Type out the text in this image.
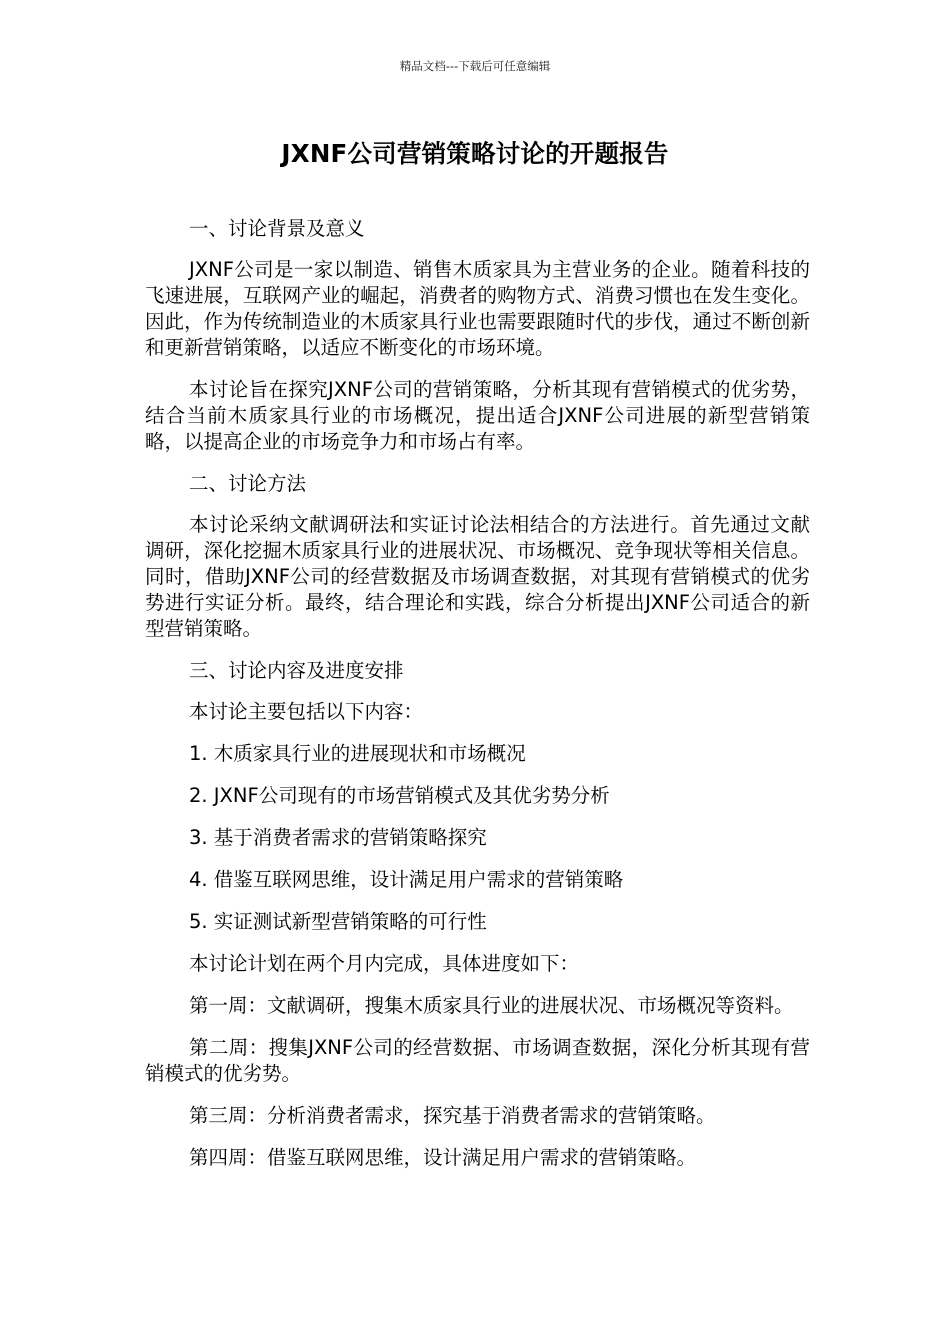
精品文档---下载后可任意编辑
JXNF公司营销策略讨论的开题报告

一、讨论背景及意义

JXNF公司是一家以制造、销售木质家具为主营业务的企业。随着科技的飞速进展，互联网产业的崛起，消费者的购物方式、消费习惯也在发生变化。因此，作为传统制造业的木质家具行业也需要跟随时代的步伐，通过不断创新和更新营销策略，以适应不断变化的市场环境。

本讨论旨在探究JXNF公司的营销策略，分析其现有营销模式的优劣势，结合当前木质家具行业的市场概况，提出适合JXNF公司进展的新型营销策略，以提高企业的市场竞争力和市场占有率。

二、讨论方法

本讨论采纳文献调研法和实证讨论法相结合的方法进行。首先通过文献调研，深化挖掘木质家具行业的进展状况、市场概况、竞争现状等相关信息。同时，借助JXNF公司的经营数据及市场调查数据，对其现有营销模式的优劣势进行实证分析。最终，结合理论和实践，综合分析提出JXNF公司适合的新型营销策略。

三、讨论内容及进度安排

本讨论主要包括以下内容：

1. 木质家具行业的进展现状和市场概况

2. JXNF公司现有的市场营销模式及其优劣势分析

3. 基于消费者需求的营销策略探究

4. 借鉴互联网思维，设计满足用户需求的营销策略

5. 实证测试新型营销策略的可行性

本讨论计划在两个月内完成，具体进度如下：

第一周：文献调研，搜集木质家具行业的进展状况、市场概况等资料。

第二周：搜集JXNF公司的经营数据、市场调查数据，深化分析其现有营销模式的优劣势。

第三周：分析消费者需求，探究基于消费者需求的营销策略。

第四周：借鉴互联网思维，设计满足用户需求的营销策略。
